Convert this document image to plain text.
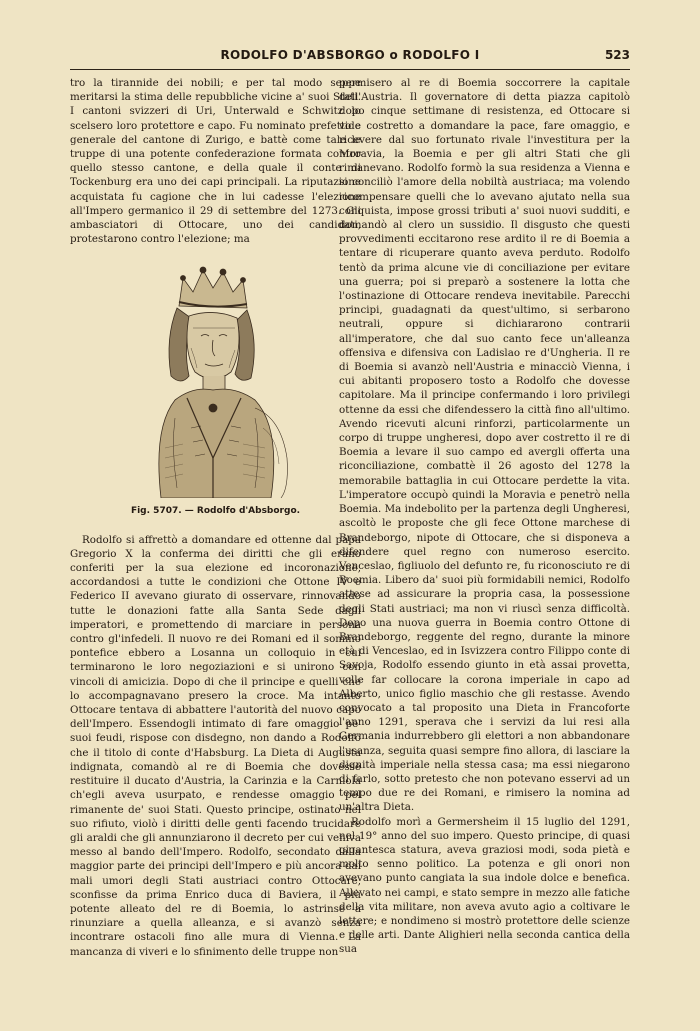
RODOLFO D'ABSBORGO o RODOLFO I	523

tro la tirannide dei nobili; e per tal modo seppe meritarsi la stima delle repubbliche vicine a' suoi Stati. I cantoni svizzeri di Uri, Unterwald e Schwitz lo scelsero loro protettore e capo. Fu nominato prefetto e generale del cantone di Zurigo, e battè come tale le truppe di una potente confederazione formata contro quello stesso cantone, e della quale il conte di Tockenburg era uno dei capi principali. La riputazione acquistata fu cagione che in lui cadesse l'elezione all'Impero germanico il 29 di settembre del 1273. Gli ambasciatori di Ottocare, uno dei candidati, protestarono contro l'elezione; ma

Fig. 5707. — Rodolfo d'Absborgo.

Rodolfo si affrettò a domandare ed ottenne dal papa Gregorio X la conferma dei diritti che gli erano conferiti per la sua elezione ed incoronazione, accordandosi a tutte le condizioni che Ottone IV e Federico II avevano giurato di osservare, rinnovando tutte le donazioni fatte alla Santa Sede dagli imperatori, e promettendo di marciare in persona contro gl'infedeli. Il nuovo re dei Romani ed il sommo pontefice ebbero a Losanna un colloquio in cui terminarono le loro negoziazioni e si unirono con vincoli di amicizia. Dopo di che il principe e quelli che lo accompagnavano presero la croce. Ma intanto Ottocare tentava di abbattere l'autorità del nuovo capo dell'Impero. Essendogli intimato di fare omaggio pe' suoi feudi, rispose con disdegno, non dando a Rodolfo che il titolo di conte d'Habsburg. La Dieta di Augusta indignata, comandò al re di Boemia che dovesse restituire il ducato d'Austria, la Carinzia e la Carniola ch'egli aveva usurpato, e rendesse omaggio pel rimanente de' suoi Stati. Questo principe, ostinato nel suo rifiuto, violò i diritti delle genti facendo trucidare gli araldi che gli annunziarono il decreto per cui veniva messo al bando dell'Impero. Rodolfo, secondato dalla maggior parte dei principi dell'Impero e più ancora dai mali umori degli Stati austriaci contro Ottocare, sconfisse da prima Enrico duca di Baviera, il più potente alleato del re di Boemia, lo astrinse a rinunziare a quella alleanza, e si avanzò senza incontrare ostacoli fino alle mura di Vienna. La mancanza di viveri e lo sfinimento delle truppe non

permisero al re di Boemia soccorrere la capitale dell'Austria. Il governatore di detta piazza capitolò dopo cinque settimane di resistenza, ed Ottocare si vide costretto a domandare la pace, fare omaggio, e ricevere dal suo fortunato rivale l'investitura per la Moravia, la Boemia e per gli altri Stati che gli rimanevano. Rodolfo formò la sua residenza a Vienna e si conciliò l'amore della nobiltà austriaca; ma volendo ricompensare quelli che lo avevano ajutato nella sua conquista, impose grossi tributi a' suoi nuovi sudditi, e domandò al clero un sussidio. Il disgusto che questi provvedimenti eccitarono rese ardito il re di Boemia a tentare di ricuperare quanto aveva perduto. Rodolfo tentò da prima alcune vie di conciliazione per evitare una guerra; poi si preparò a sostenere la lotta che l'ostinazione di Ottocare rendeva inevitabile. Parecchi principi, guadagnati da quest'ultimo, si serbarono neutrali, oppure si dichiararono contrarii all'imperatore, che dal suo canto fece un'alleanza offensiva e difensiva con Ladislao re d'Ungheria. Il re di Boemia si avanzò nell'Austria e minacciò Vienna, i cui abitanti proposero tosto a Rodolfo che dovesse capitolare. Ma il principe confermando i loro privilegi ottenne da essi che difendessero la città fino all'ultimo. Avendo ricevuti alcuni rinforzi, particolarmente un corpo di truppe ungheresi, dopo aver costretto il re di Boemia a levare il suo campo ed avergli offerta una riconciliazione, combattè il 26 agosto del 1278 la memorabile battaglia in cui Ottocare perdette la vita. L'imperatore occupò quindi la Moravia e penetrò nella Boemia. Ma indebolito per la partenza degli Ungheresi, ascoltò le proposte che gli fece Ottone marchese di Brandeborgo, nipote di Ottocare, che si disponeva a difendere quel regno con numeroso esercito. Venceslao, figliuolo del defunto re, fu riconosciuto re di Boemia. Libero da' suoi più formidabili nemici, Rodolfo attese ad assicurare la propria casa, la possessione degli Stati austriaci; ma non vi riuscì senza difficoltà. Dopo una nuova guerra in Boemia contro Ottone di Brandeborgo, reggente del regno, durante la minore età di Venceslao, ed in Isvizzera contro Filippo conte di Savoja, Rodolfo essendo giunto in età assai provetta, volle far collocare la corona imperiale in capo ad Alberto, unico figlio maschio che gli restasse. Avendo convocato a tal proposito una Dieta in Francoforte l'anno 1291, sperava che i servizi da lui resi alla Germania indurrebbero gli elettori a non abbandonare l'usanza, seguita quasi sempre fino allora, di lasciare la dignità imperiale nella stessa casa; ma essi niegarono di farlo, sotto pretesto che non potevano esservi ad un tempo due re dei Romani, e rimisero la nomina ad un'altra Dieta.

Rodolfo morì a Germersheim il 15 luglio del 1291, nel 19° anno del suo impero. Questo principe, di quasi gigantesca statura, aveva graziosi modi, soda pietà e molto senno politico. La potenza e gli onori non avevano punto cangiata la sua indole dolce e benefica. Allevato nei campi, e stato sempre in mezzo alle fatiche della vita militare, non aveva avuto agio a coltivare le lettere; e nondimeno si mostrò protettore delle scienze e delle arti. Dante Alighieri nella seconda cantica della sua
